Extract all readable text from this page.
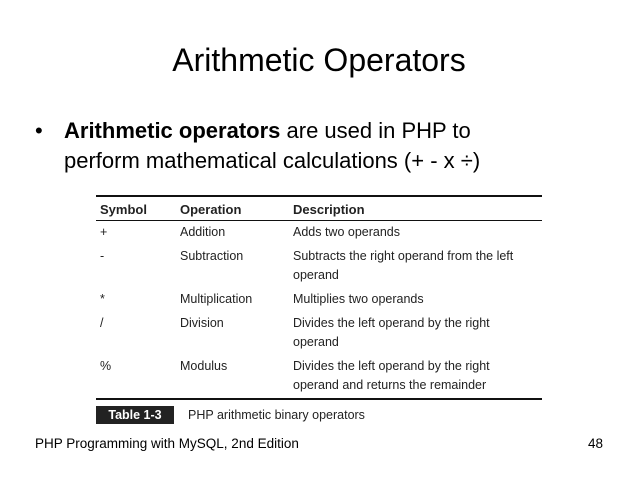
Arithmetic Operators
• Arithmetic operators are used in PHP to
perform mathematical calculations (+ - x ÷)
Symbol	Operation	Description
+	Addition	Adds two operands
-	Subtraction	Subtracts the right operand from the left operand
*	Multiplication	Multiplies two operands
/	Division	Divides the left operand by the right operand
%	Modulus	Divides the left operand by the right operand and returns the remainder
Table 1-3	PHP arithmetic binary operators
PHP Programming with MySQL, 2nd Edition	48
